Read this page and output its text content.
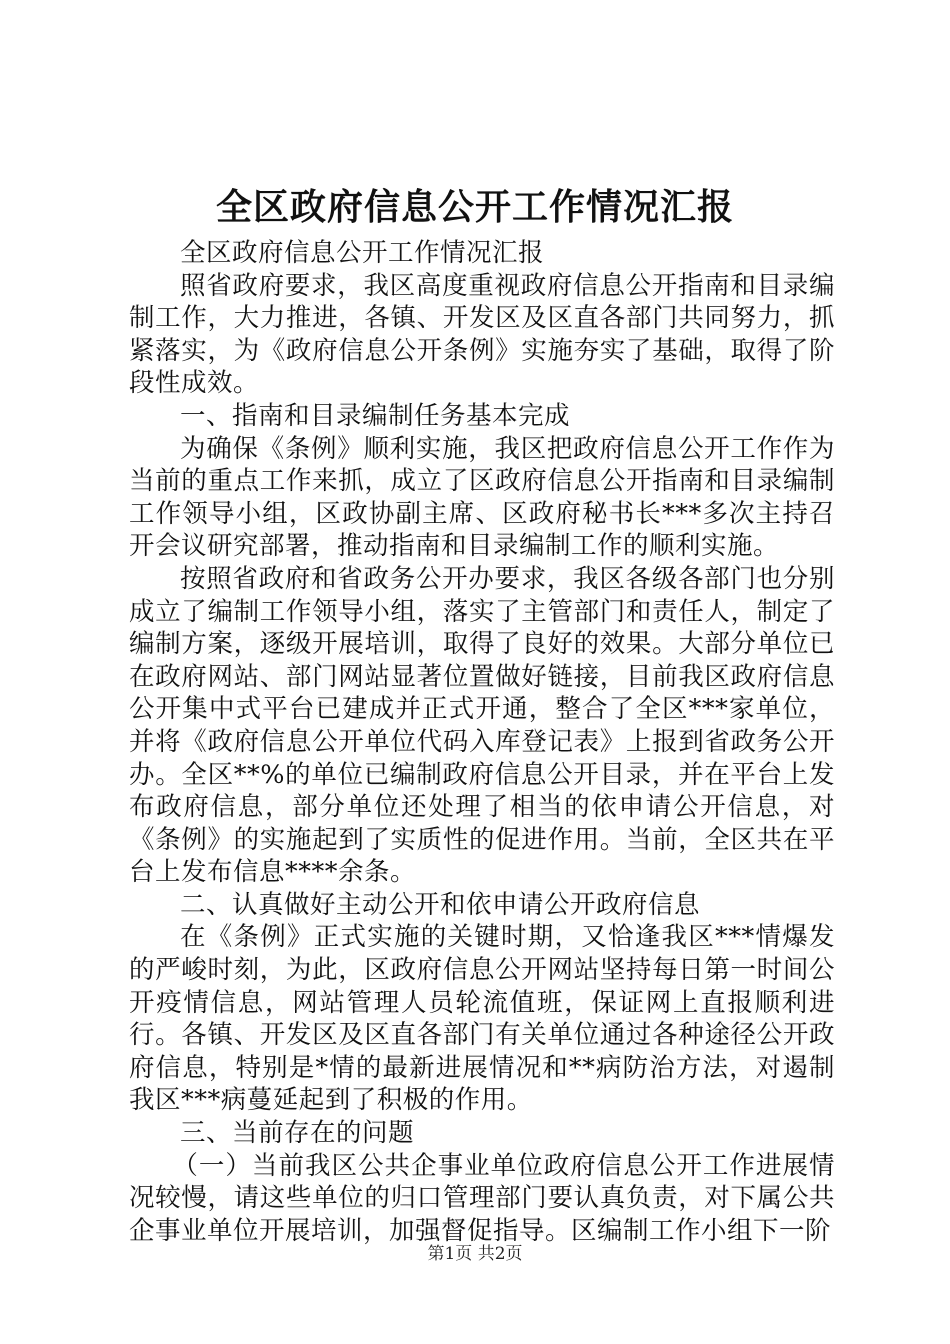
全区政府信息公开工作情况汇报

全区政府信息公开工作情况汇报

照省政府要求，我区高度重视政府信息公开指南和目录编制工作，大力推进，各镇、开发区及区直各部门共同努力，抓紧落实，为《政府信息公开条例》实施夯实了基础，取得了阶段性成效。

一、指南和目录编制任务基本完成

为确保《条例》顺利实施，我区把政府信息公开工作作为当前的重点工作来抓，成立了区政府信息公开指南和目录编制工作领导小组，区政协副主席、区政府秘书长***多次主持召开会议研究部署，推动指南和目录编制工作的顺利实施。

按照省政府和省政务公开办要求，我区各级各部门也分别成立了编制工作领导小组，落实了主管部门和责任人，制定了编制方案，逐级开展培训，取得了良好的效果。大部分单位已在政府网站、部门网站显著位置做好链接，目前我区政府信息公开集中式平台已建成并正式开通，整合了全区***家单位，并将《政府信息公开单位代码入库登记表》上报到省政务公开办。全区**%的单位已编制政府信息公开目录，并在平台上发布政府信息，部分单位还处理了相当的依申请公开信息，对《条例》的实施起到了实质性的促进作用。当前，全区共在平台上发布信息****余条。

二、认真做好主动公开和依申请公开政府信息

在《条例》正式实施的关键时期，又恰逢我区***情爆发的严峻时刻，为此，区政府信息公开网站坚持每日第一时间公开疫情信息，网站管理人员轮流值班，保证网上直报顺利进行。各镇、开发区及区直各部门有关单位通过各种途径公开政府信息，特别是*情的最新进展情况和**病防治方法，对遏制我区***病蔓延起到了积极的作用。

三、当前存在的问题

（一）当前我区公共企事业单位政府信息公开工作进展情况较慢，请这些单位的归口管理部门要认真负责，对下属公共企事业单位开展培训，加强督促指导。区编制工作小组下一阶

第1页 共2页
